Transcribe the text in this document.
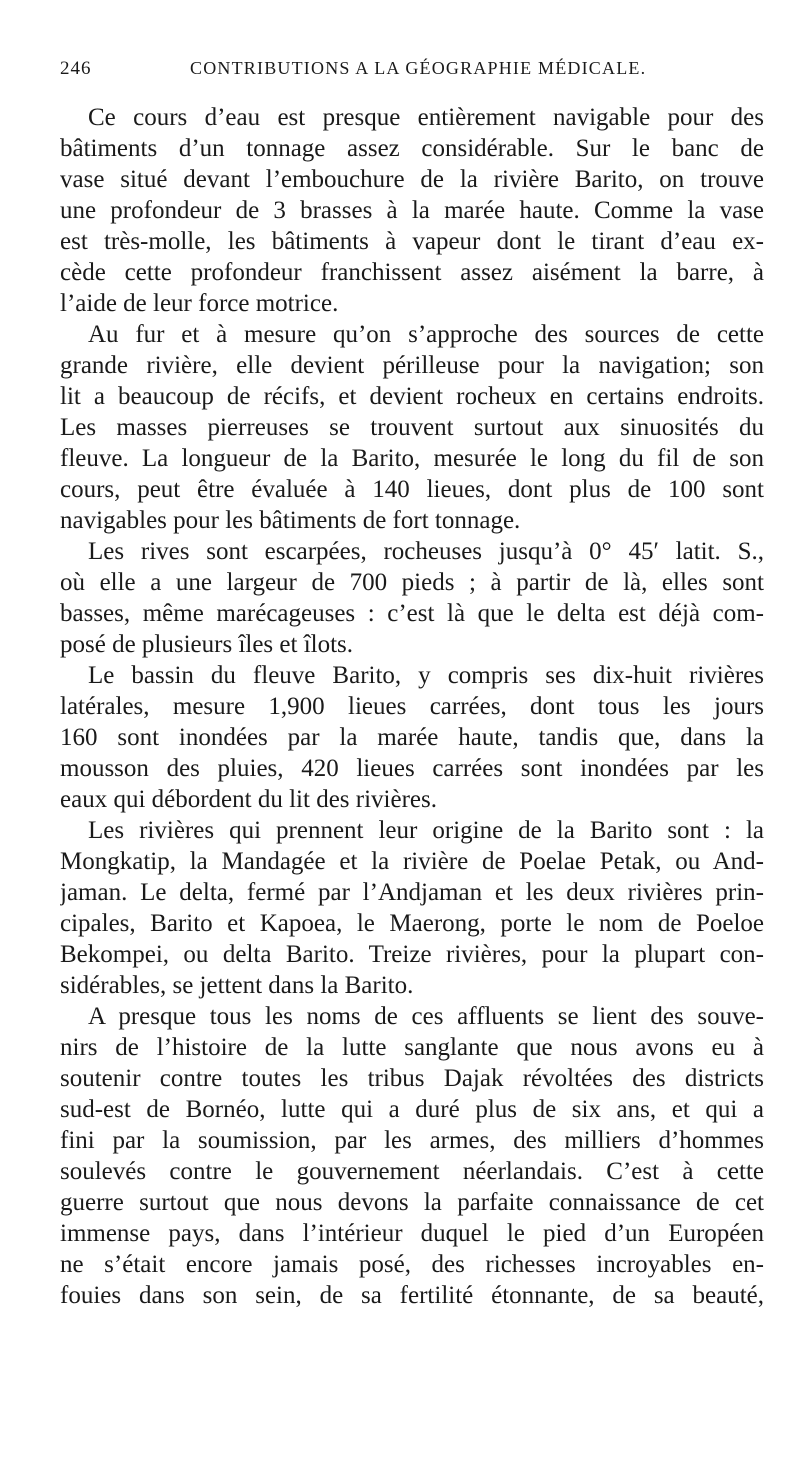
246	CONTRIBUTIONS A LA GÉOGRAPHIE MÉDICALE.
Ce cours d’eau est presque entièrement navigable pour des
bâtiments d’un tonnage assez considérable. Sur le banc de
vase situé devant l’embouchure de la rivière Barito, on trouve
une profondeur de 3 brasses à la marée haute. Comme la vase
est très-molle, les bâtiments à vapeur dont le tirant d’eau ex-
cède cette profondeur franchissent assez aisément la barre, à
l’aide de leur force motrice.
Au fur et à mesure qu’on s’approche des sources de cette
grande rivière, elle devient périlleuse pour la navigation; son
lit a beaucoup de récifs, et devient rocheux en certains endroits.
Les masses pierreuses se trouvent surtout aux sinuosités du
fleuve. La longueur de la Barito, mesurée le long du fil de son
cours, peut être évaluée à 140 lieues, dont plus de 100 sont
navigables pour les bâtiments de fort tonnage.
Les rives sont escarpées, rocheuses jusqu’à 0° 45′ latit. S.,
où elle a une largeur de 700 pieds ; à partir de là, elles sont
basses, même marécageuses : c’est là que le delta est déjà com-
posé de plusieurs îles et îlots.
Le bassin du fleuve Barito, y compris ses dix-huit rivières
latérales, mesure 1,900 lieues carrées, dont tous les jours
160 sont inondées par la marée haute, tandis que, dans la
mousson des pluies, 420 lieues carrées sont inondées par les
eaux qui débordent du lit des rivières.
Les rivières qui prennent leur origine de la Barito sont : la
Mongkatip, la Mandagée et la rivière de Poelae Petak, ou And-
jaman. Le delta, fermé par l’Andjaman et les deux rivières prin-
cipales, Barito et Kapoea, le Maerong, porte le nom de Poeloe
Bekompei, ou delta Barito. Treize rivières, pour la plupart con-
sidérables, se jettent dans la Barito.
A presque tous les noms de ces affluents se lient des souve-
nirs de l’histoire de la lutte sanglante que nous avons eu à
soutenir contre toutes les tribus Dajak révoltées des districts
sud-est de Bornéo, lutte qui a duré plus de six ans, et qui a
fini par la soumission, par les armes, des milliers d’hommes
soulevés contre le gouvernement néerlandais. C’est à cette
guerre surtout que nous devons la parfaite connaissance de cet
immense pays, dans l’intérieur duquel le pied d’un Européen
ne s’était encore jamais posé, des richesses incroyables en-
fouies dans son sein, de sa fertilité étonnante, de sa beauté,
